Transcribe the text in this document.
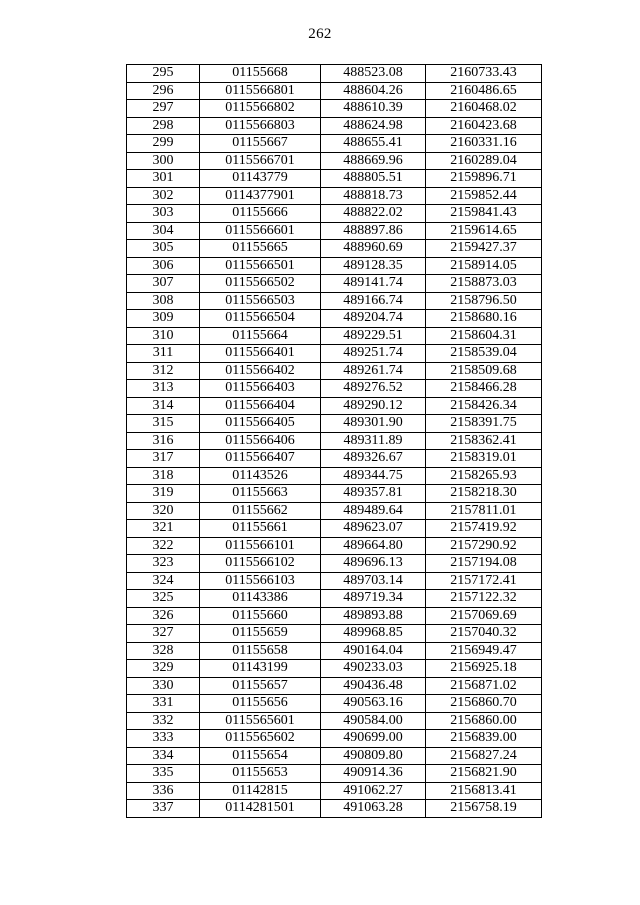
262
295	01155668	488523.08	2160733.43
296	0115566801	488604.26	2160486.65
297	0115566802	488610.39	2160468.02
298	0115566803	488624.98	2160423.68
299	01155667	488655.41	2160331.16
300	0115566701	488669.96	2160289.04
301	01143779	488805.51	2159896.71
302	0114377901	488818.73	2159852.44
303	01155666	488822.02	2159841.43
304	0115566601	488897.86	2159614.65
305	01155665	488960.69	2159427.37
306	0115566501	489128.35	2158914.05
307	0115566502	489141.74	2158873.03
308	0115566503	489166.74	2158796.50
309	0115566504	489204.74	2158680.16
310	01155664	489229.51	2158604.31
311	0115566401	489251.74	2158539.04
312	0115566402	489261.74	2158509.68
313	0115566403	489276.52	2158466.28
314	0115566404	489290.12	2158426.34
315	0115566405	489301.90	2158391.75
316	0115566406	489311.89	2158362.41
317	0115566407	489326.67	2158319.01
318	01143526	489344.75	2158265.93
319	01155663	489357.81	2158218.30
320	01155662	489489.64	2157811.01
321	01155661	489623.07	2157419.92
322	0115566101	489664.80	2157290.92
323	0115566102	489696.13	2157194.08
324	0115566103	489703.14	2157172.41
325	01143386	489719.34	2157122.32
326	01155660	489893.88	2157069.69
327	01155659	489968.85	2157040.32
328	01155658	490164.04	2156949.47
329	01143199	490233.03	2156925.18
330	01155657	490436.48	2156871.02
331	01155656	490563.16	2156860.70
332	0115565601	490584.00	2156860.00
333	0115565602	490699.00	2156839.00
334	01155654	490809.80	2156827.24
335	01155653	490914.36	2156821.90
336	01142815	491062.27	2156813.41
337	0114281501	491063.28	2156758.19
